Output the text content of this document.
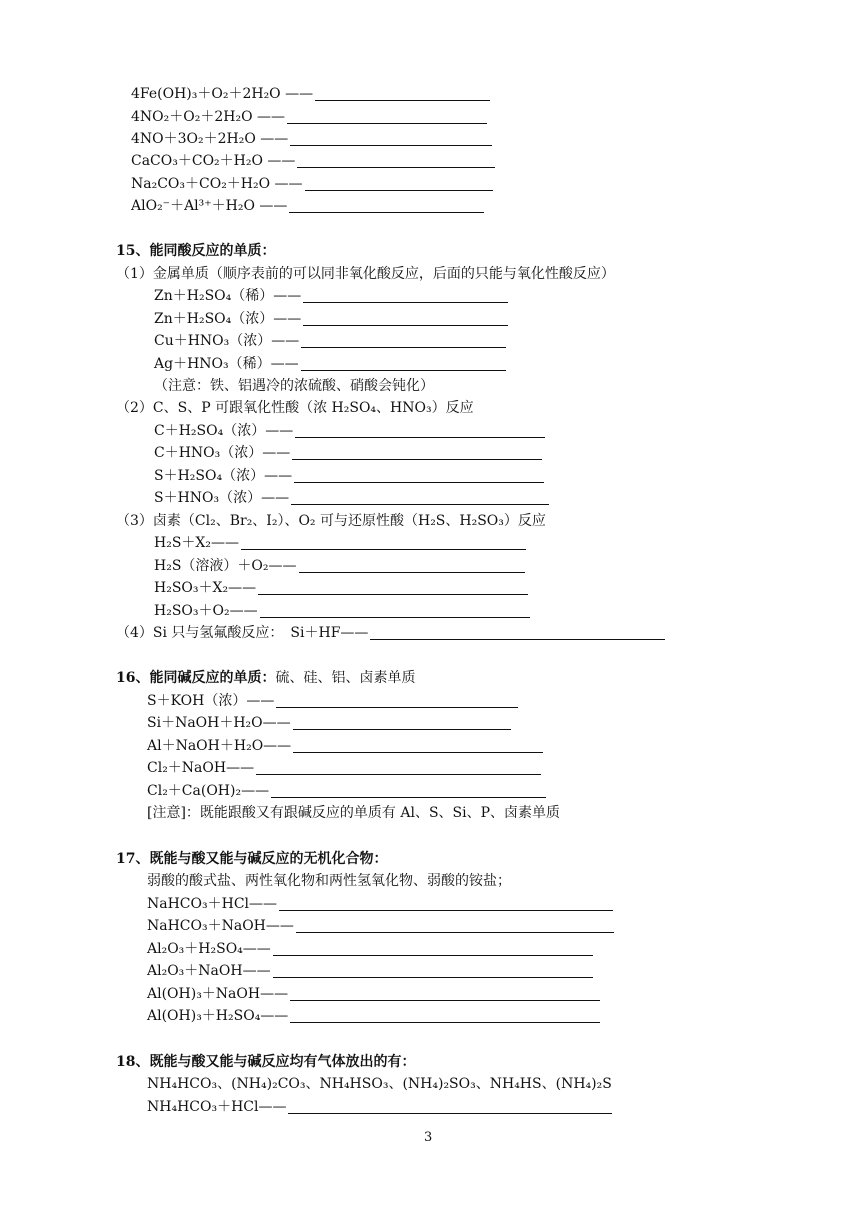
4Fe(OH)₃＋O₂＋2H₂O ——
4NO₂＋O₂＋2H₂O ——
4NO＋3O₂＋2H₂O ——
CaCO₃＋CO₂＋H₂O ——
Na₂CO₃＋CO₂＋H₂O ——
AlO₂⁻＋Al³⁺＋H₂O ——
15、能同酸反应的单质：
（1）金属单质（顺序表前的可以同非氧化酸反应，后面的只能与氧化性酸反应）
Zn＋H₂SO₄（稀）——
Zn＋H₂SO₄（浓）——
Cu＋HNO₃（浓）——
Ag＋HNO₃（稀）——
（注意：铁、铝遇冷的浓硫酸、硝酸会钝化）
（2）C、S、P 可跟氧化性酸（浓 H₂SO₄、HNO₃）反应
C＋H₂SO₄（浓）——
C＋HNO₃（浓）——
S＋H₂SO₄（浓）——
S＋HNO₃（浓）——
（3）卤素（Cl₂、Br₂、I₂）、O₂ 可与还原性酸（H₂S、H₂SO₃）反应
H₂S＋X₂——
H₂S（溶液）＋O₂——
H₂SO₃＋X₂——
H₂SO₃＋O₂——
（4）Si 只与氢氟酸反应：　Si＋HF——
16、能同碱反应的单质： 硫、硅、铝、卤素单质
S＋KOH（浓）——
Si＋NaOH＋H₂O——
Al＋NaOH＋H₂O——
Cl₂＋NaOH——
Cl₂＋Ca(OH)₂——
[注意]：既能跟酸又有跟碱反应的单质有 Al、S、Si、P、卤素单质
17、既能与酸又能与碱反应的无机化合物：
弱酸的酸式盐、两性氧化物和两性氢氧化物、弱酸的铵盐；
NaHCO₃＋HCl——
NaHCO₃＋NaOH——
Al₂O₃＋H₂SO₄——
Al₂O₃＋NaOH——
Al(OH)₃＋NaOH——
Al(OH)₃＋H₂SO₄——
18、既能与酸又能与碱反应均有气体放出的有：
NH₄HCO₃、(NH₄)₂CO₃、NH₄HSO₃、(NH₄)₂SO₃、NH₄HS、(NH₄)₂S
NH₄HCO₃＋HCl——
3
